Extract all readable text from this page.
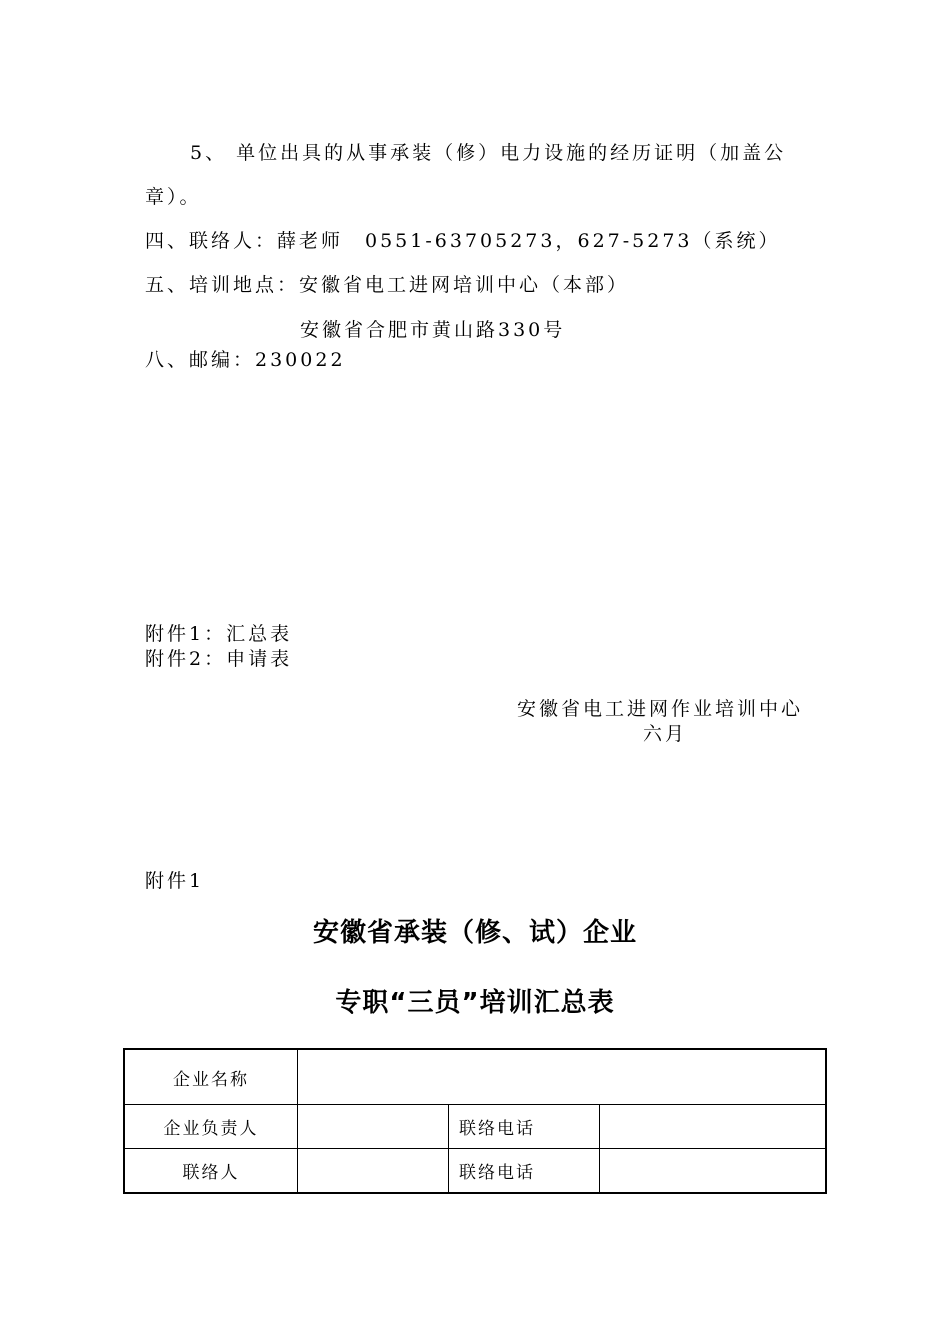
5、 单位出具的从事承装（修）电力设施的经历证明（加盖公
章）。
四、联络人：薛老师　0551-63705273，627-5273（系统）
五、培训地点：安徽省电工进网培训中心（本部）
安徽省合肥市黄山路330号
八、邮编：230022
附件1：汇总表
附件2：申请表
安徽省电工进网作业培训中心
六月
附件1
安徽省承装（修、试）企业
专职“三员”培训汇总表
企业名称			
企业负责人		联络电话	
联络人		联络电话	
